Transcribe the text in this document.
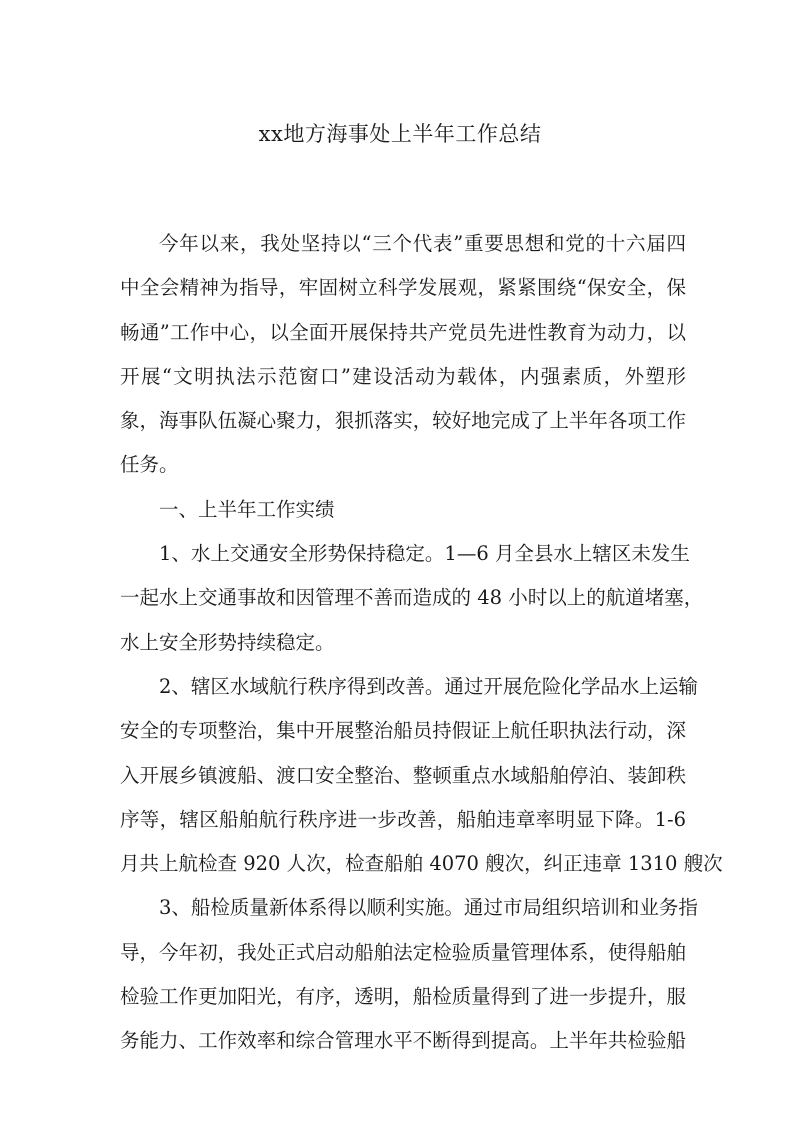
xx地方海事处上半年工作总结
今年以来，我处坚持以“三个代表”重要思想和党的十六届四
中全会精神为指导，牢固树立科学发展观，紧紧围绕“保安全，保
畅通”工作中心，以全面开展保持共产党员先进性教育为动力，以
开展“文明执法示范窗口”建设活动为载体，内强素质，外塑形
象，海事队伍凝心聚力，狠抓落实，较好地完成了上半年各项工作
任务。
一、上半年工作实绩
1、水上交通安全形势保持稳定。1—6 月全县水上辖区未发生
一起水上交通事故和因管理不善而造成的 48 小时以上的航道堵塞，
水上安全形势持续稳定。
2、辖区水域航行秩序得到改善。通过开展危险化学品水上运输
安全的专项整治，集中开展整治船员持假证上航任职执法行动，深
入开展乡镇渡船、渡口安全整治、整顿重点水域船舶停泊、装卸秩
序等，辖区船舶航行秩序进一步改善，船舶违章率明显下降。1-6
月共上航检查 920 人次，检查船舶 4070 艘次，纠正违章 1310 艘次
3、船检质量新体系得以顺利实施。通过市局组织培训和业务指
导，今年初，我处正式启动船舶法定检验质量管理体系，使得船舶
检验工作更加阳光，有序，透明，船检质量得到了进一步提升，服
务能力、工作效率和综合管理水平不断得到提高。上半年共检验船
